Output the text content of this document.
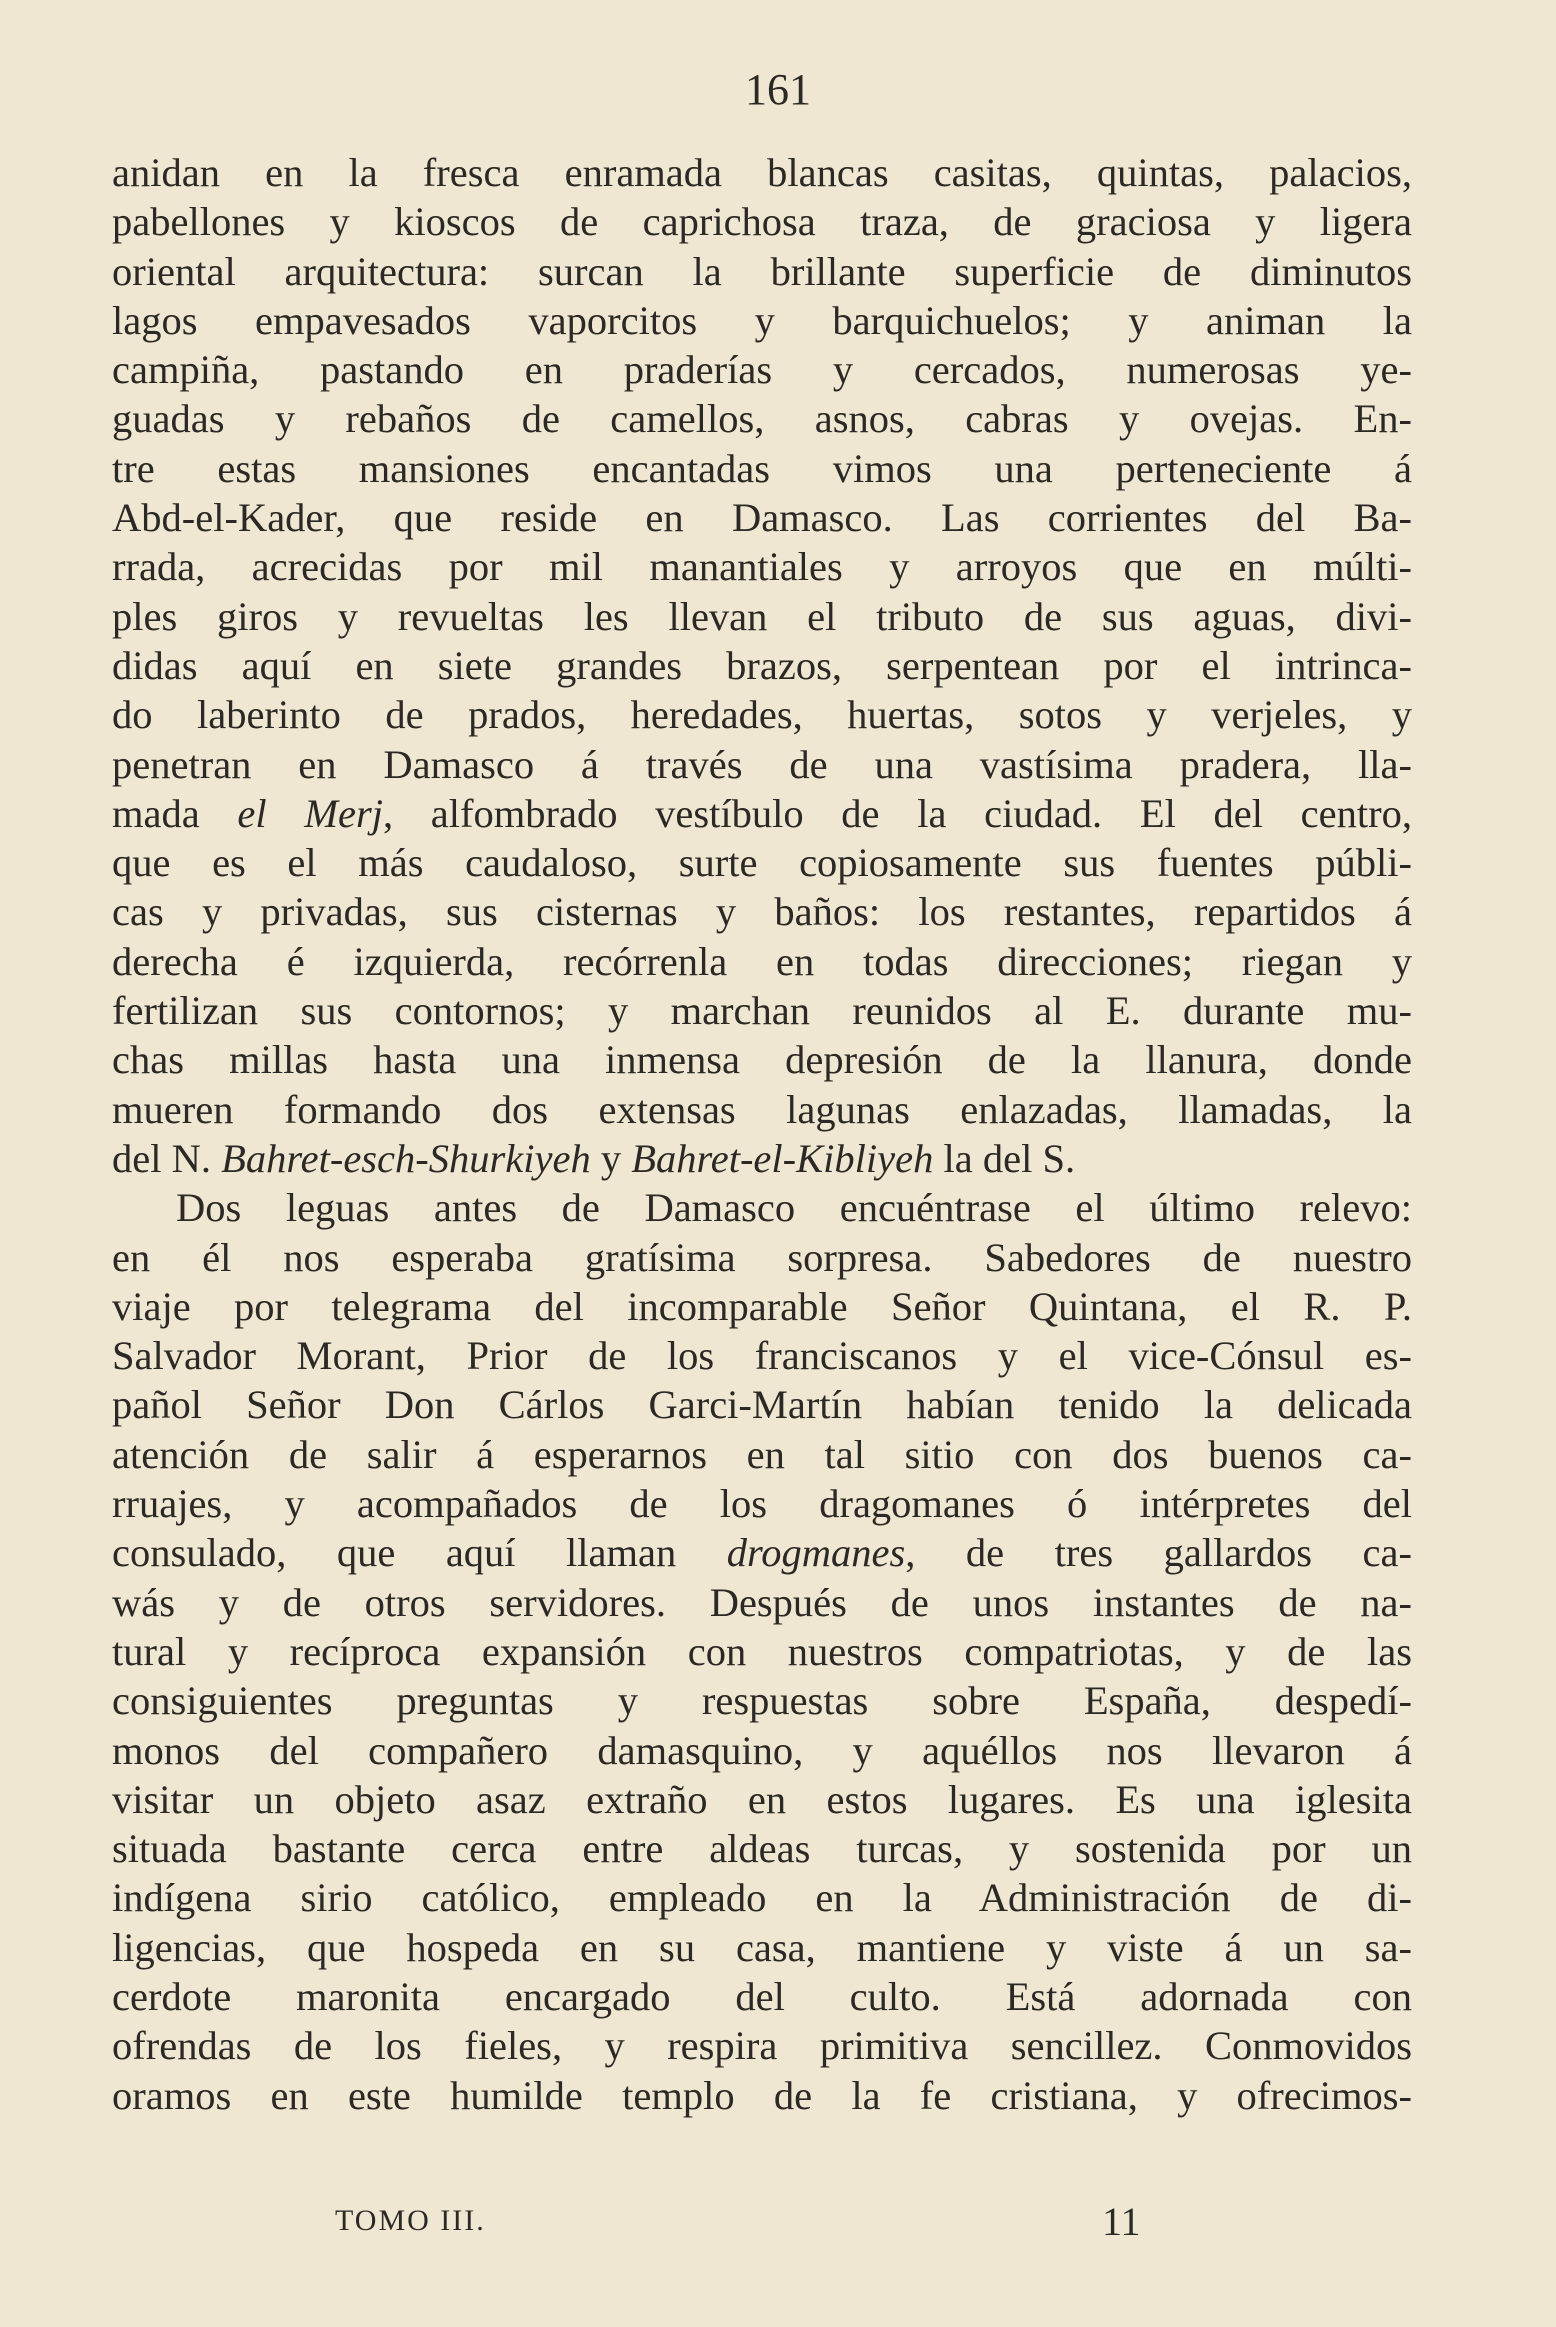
161
anidan en la fresca enramada blancas casitas, quintas, palacios,
pabellones y kioscos de caprichosa traza, de graciosa y ligera
oriental arquitectura: surcan la brillante superficie de diminutos
lagos empavesados vaporcitos y barquichuelos; y animan la
campiña, pastando en praderías y cercados, numerosas ye-
guadas y rebaños de camellos, asnos, cabras y ovejas. En-
tre estas mansiones encantadas vimos una perteneciente á
Abd-el-Kader, que reside en Damasco. Las corrientes del Ba-
rrada, acrecidas por mil manantiales y arroyos que en múlti-
ples giros y revueltas les llevan el tributo de sus aguas, divi-
didas aquí en siete grandes brazos, serpentean por el intrinca-
do laberinto de prados, heredades, huertas, sotos y verjeles, y
penetran en Damasco á través de una vastísima pradera, lla-
mada el Merj, alfombrado vestíbulo de la ciudad. El del centro,
que es el más caudaloso, surte copiosamente sus fuentes públi-
cas y privadas, sus cisternas y baños: los restantes, repartidos á
derecha é izquierda, recórrenla en todas direcciones; riegan y
fertilizan sus contornos; y marchan reunidos al E. durante mu-
chas millas hasta una inmensa depresión de la llanura, donde
mueren formando dos extensas lagunas enlazadas, llamadas, la
del N. Bahret-esch-Shurkiyeh y Bahret-el-Kibliyeh la del S.
Dos leguas antes de Damasco encuéntrase el último relevo:
en él nos esperaba gratísima sorpresa. Sabedores de nuestro
viaje por telegrama del incomparable Señor Quintana, el R. P.
Salvador Morant, Prior de los franciscanos y el vice-Cónsul es-
pañol Señor Don Cárlos Garci-Martín habían tenido la delicada
atención de salir á esperarnos en tal sitio con dos buenos ca-
rruajes, y acompañados de los dragomanes ó intérpretes del
consulado, que aquí llaman drogmanes, de tres gallardos ca-
wás y de otros servidores. Después de unos instantes de na-
tural y recíproca expansión con nuestros compatriotas, y de las
consiguientes preguntas y respuestas sobre España, despedí-
monos del compañero damasquino, y aquéllos nos llevaron á
visitar un objeto asaz extraño en estos lugares. Es una iglesita
situada bastante cerca entre aldeas turcas, y sostenida por un
indígena sirio católico, empleado en la Administración de di-
ligencias, que hospeda en su casa, mantiene y viste á un sa-
cerdote maronita encargado del culto. Está adornada con
ofrendas de los fieles, y respira primitiva sencillez. Conmovidos
oramos en este humilde templo de la fe cristiana, y ofrecimos-
TOMO III.	11
